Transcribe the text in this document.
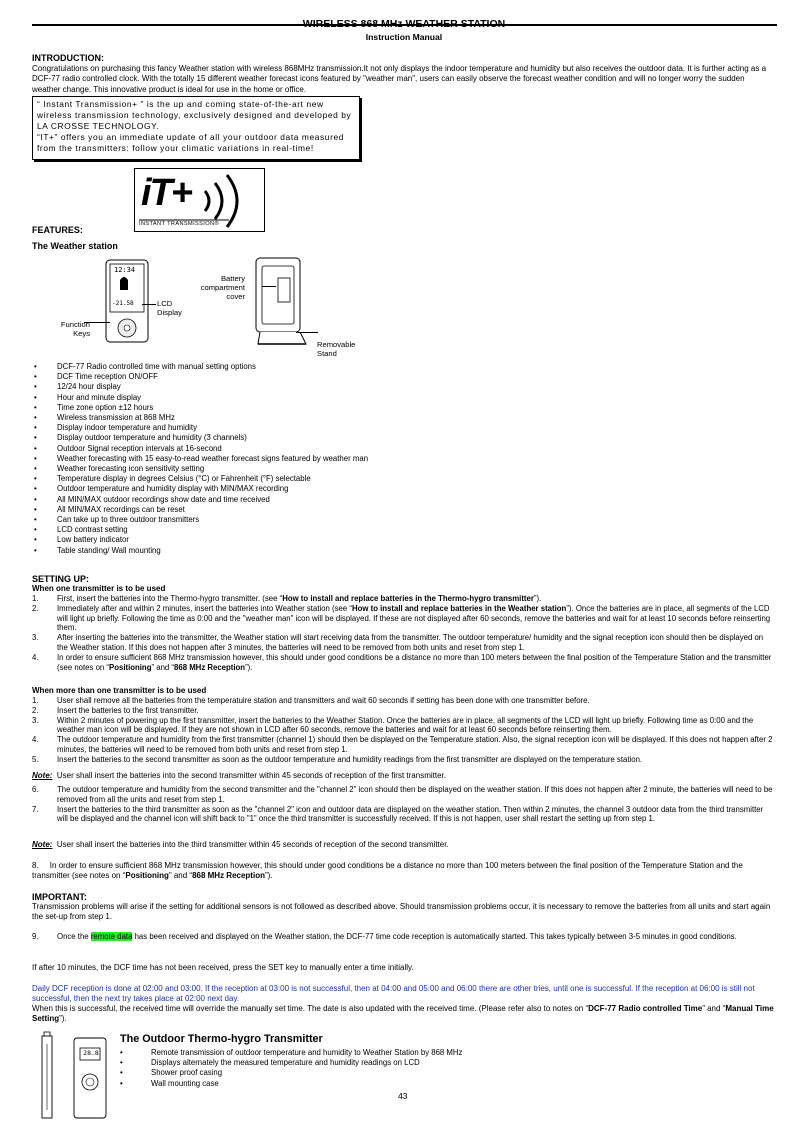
WIRELESS 868 MHz WEATHER STATION
Instruction Manual
INTRODUCTION:
Congratulations on purchasing this fancy Weather station with wireless 868MHz transmission.It not only displays the indoor temperature and humidity but also receives the outdoor data. It is further acting as a DCF-77 radio controlled clock. With the totally 15 different weather forecast icons featured by "weather man", users can easily observe the forecast weather condition and will no longer worry the sudden weather change. This innovative product is ideal for use in the home or office.
“ Instant Transmission+ ” is the up and coming state-of-the-art new
wireless transmission technology, exclusively designed and developed by
LA CROSSE TECHNOLOGY.
“IT+” offers you an immediate update of all your outdoor data measured
from the transmitters: follow your climatic variations in real-time!
iT+
INSTANT TRANSMISSION®
FEATURES:
The Weather station
12:34
-21.58	LCD Display
Function Keys
Battery compartment cover
Removable Stand
• DCF-77 Radio controlled time with manual setting options
• DCF Time reception ON/OFF
• 12/24 hour display
• Hour and minute display
• Time zone option ±12 hours
• Wireless transmission at 868 MHz
• Display indoor temperature and humidity
• Display outdoor temperature and humidity (3 channels)
• Outdoor Signal reception intervals at 16-second
• Weather forecasting with 15 easy-to-read weather forecast signs featured by weather man
• Weather forecasting icon sensitivity setting
• Temperature display in degrees Celsius (°C) or Fahrenheit (°F) selectable
• Outdoor temperature and humidity display with MIN/MAX recording
• All MIN/MAX outdoor recordings show date and time received
• All MIN/MAX recordings can be reset
• Can take up to three outdoor transmitters
• LCD contrast setting
• Low battery indicator
• Table standing/ Wall mounting
SETTING UP:
When one transmitter is to be used
1. First, insert the batteries into the Thermo-hygro transmitter. (see “How to install and replace batteries in the Thermo-hygro transmitter”).
2. Immediately after and within 2 minutes, insert the batteries into Weather station (see “How to install and replace batteries in the Weather station”). Once the batteries are in place, all segments of the LCD will light up briefly. Following the time as 0:00 and the "weather man" icon will be displayed. If these are not displayed after 60 seconds, remove the batteries and wait for at least 10 seconds before reinserting them.
3. After inserting the batteries into the transmitter, the Weather station will start receiving data from the transmitter. The outdoor temperature/ humidity and the signal reception icon should then be displayed on the Weather station. If this does not happen after 3 minutes, the batteries will need to be removed from both units and reset from step 1.
4. In order to ensure sufficient 868 MHz transmission however, this should under good conditions be a distance no more than 100 meters between the final position of the Temperature Station and the transmitter (see notes on “Positioning” and “868 MHz Reception”).
When more than one transmitter is to be used
1. User shall remove all the batteries from the temperatuire station and transmitters and wait 60 seconds if setting has been done with one transmitter before.
2. Insert the batteries to the first transmitter.
3. Within 2 minutes of powering up the first transmitter, insert the batteries to the Weather Station. Once the batteries are in place, all segments of the LCD will light up briefly. Following time as 0:00 and the weather man icon will be displayed. If they are not shown in LCD after 60 seconds, remove the batteries and wait for at least 60 seconds before reinserting them.
4. The outdoor temperature and humidity from the first transmitter (channel 1) should then be displayed on the Temperature station. Also, the signal reception icon will be displayed. If this does not happen after 2 minutes, the batteries will need to be removed from both units and reset from step 1.
5. Insert the batteries to the second transmitter as soon as the outdoor temperature and humidity readings from the first transmitter are displayed on the temperature station.
Note: User shall insert the batteries into the second transmitter within 45 seconds of reception of the first transmitter.
6. The outdoor temperature and humidity from the second transmitter and the "channel 2" icon should then be displayed on the weather station. If this does not happen after 2 minute, the batteries will need to be removed from all the units and reset from step 1.
7. Insert the batteries to the third transmitter as soon as the "channel 2" icon and outdoor data are displayed on the weather station. Then within 2 minutes, the channel 3 outdoor data from the third transmitter will be displayed and the channel icon will shift back to "1" once the third transmitter is successfully received. If this is not happen, user shall restart the setting up from step 1.
Note: User shall insert the batteries into the third transmitter within 45 seconds of reception of the second transmitter.
8. In order to ensure sufficient 868 MHz transmission however, this should under good conditions be a distance no more than 100 meters between the final position of the Temperature Station and the transmitter (see notes on “Positioning” and “868 MHz Reception”).
IMPORTANT:
Transmission problems will arise if the setting for additional sensors is not followed as described above. Should transmission problems occur, it is necessary to remove the batteries from all units and start again the set-up from step 1.
9. Once the remote data has been received and displayed on the Weather station, the DCF-77 time code reception is automatically started. This takes typically between 3-5 minutes in good conditions.
If after 10 minutes, the DCF time has not been received, press the SET key to manually enter a time initially.
Daily DCF reception is done at 02:00 and 03:00. If the reception at 03:00 is not successful, then at 04:00 and 05:00 and 06:00 there are other tries, until one is successful. If the reception at 06:00 is still not successful, then the next try takes place at 02:00 next day.
When this is successful, the received time will override the manually set time. The date is also updated with the received time. (Please refer also to notes on “DCF-77 Radio controlled Time” and “Manual Time Setting”).
28.8
The Outdoor Thermo-hygro Transmitter
• Remote transmission of outdoor temperature and humidity to Weather Station by 868 MHz
• Displays alternately the measured temperature and humidity readings on LCD
• Shower proof casing
• Wall mounting case
43
